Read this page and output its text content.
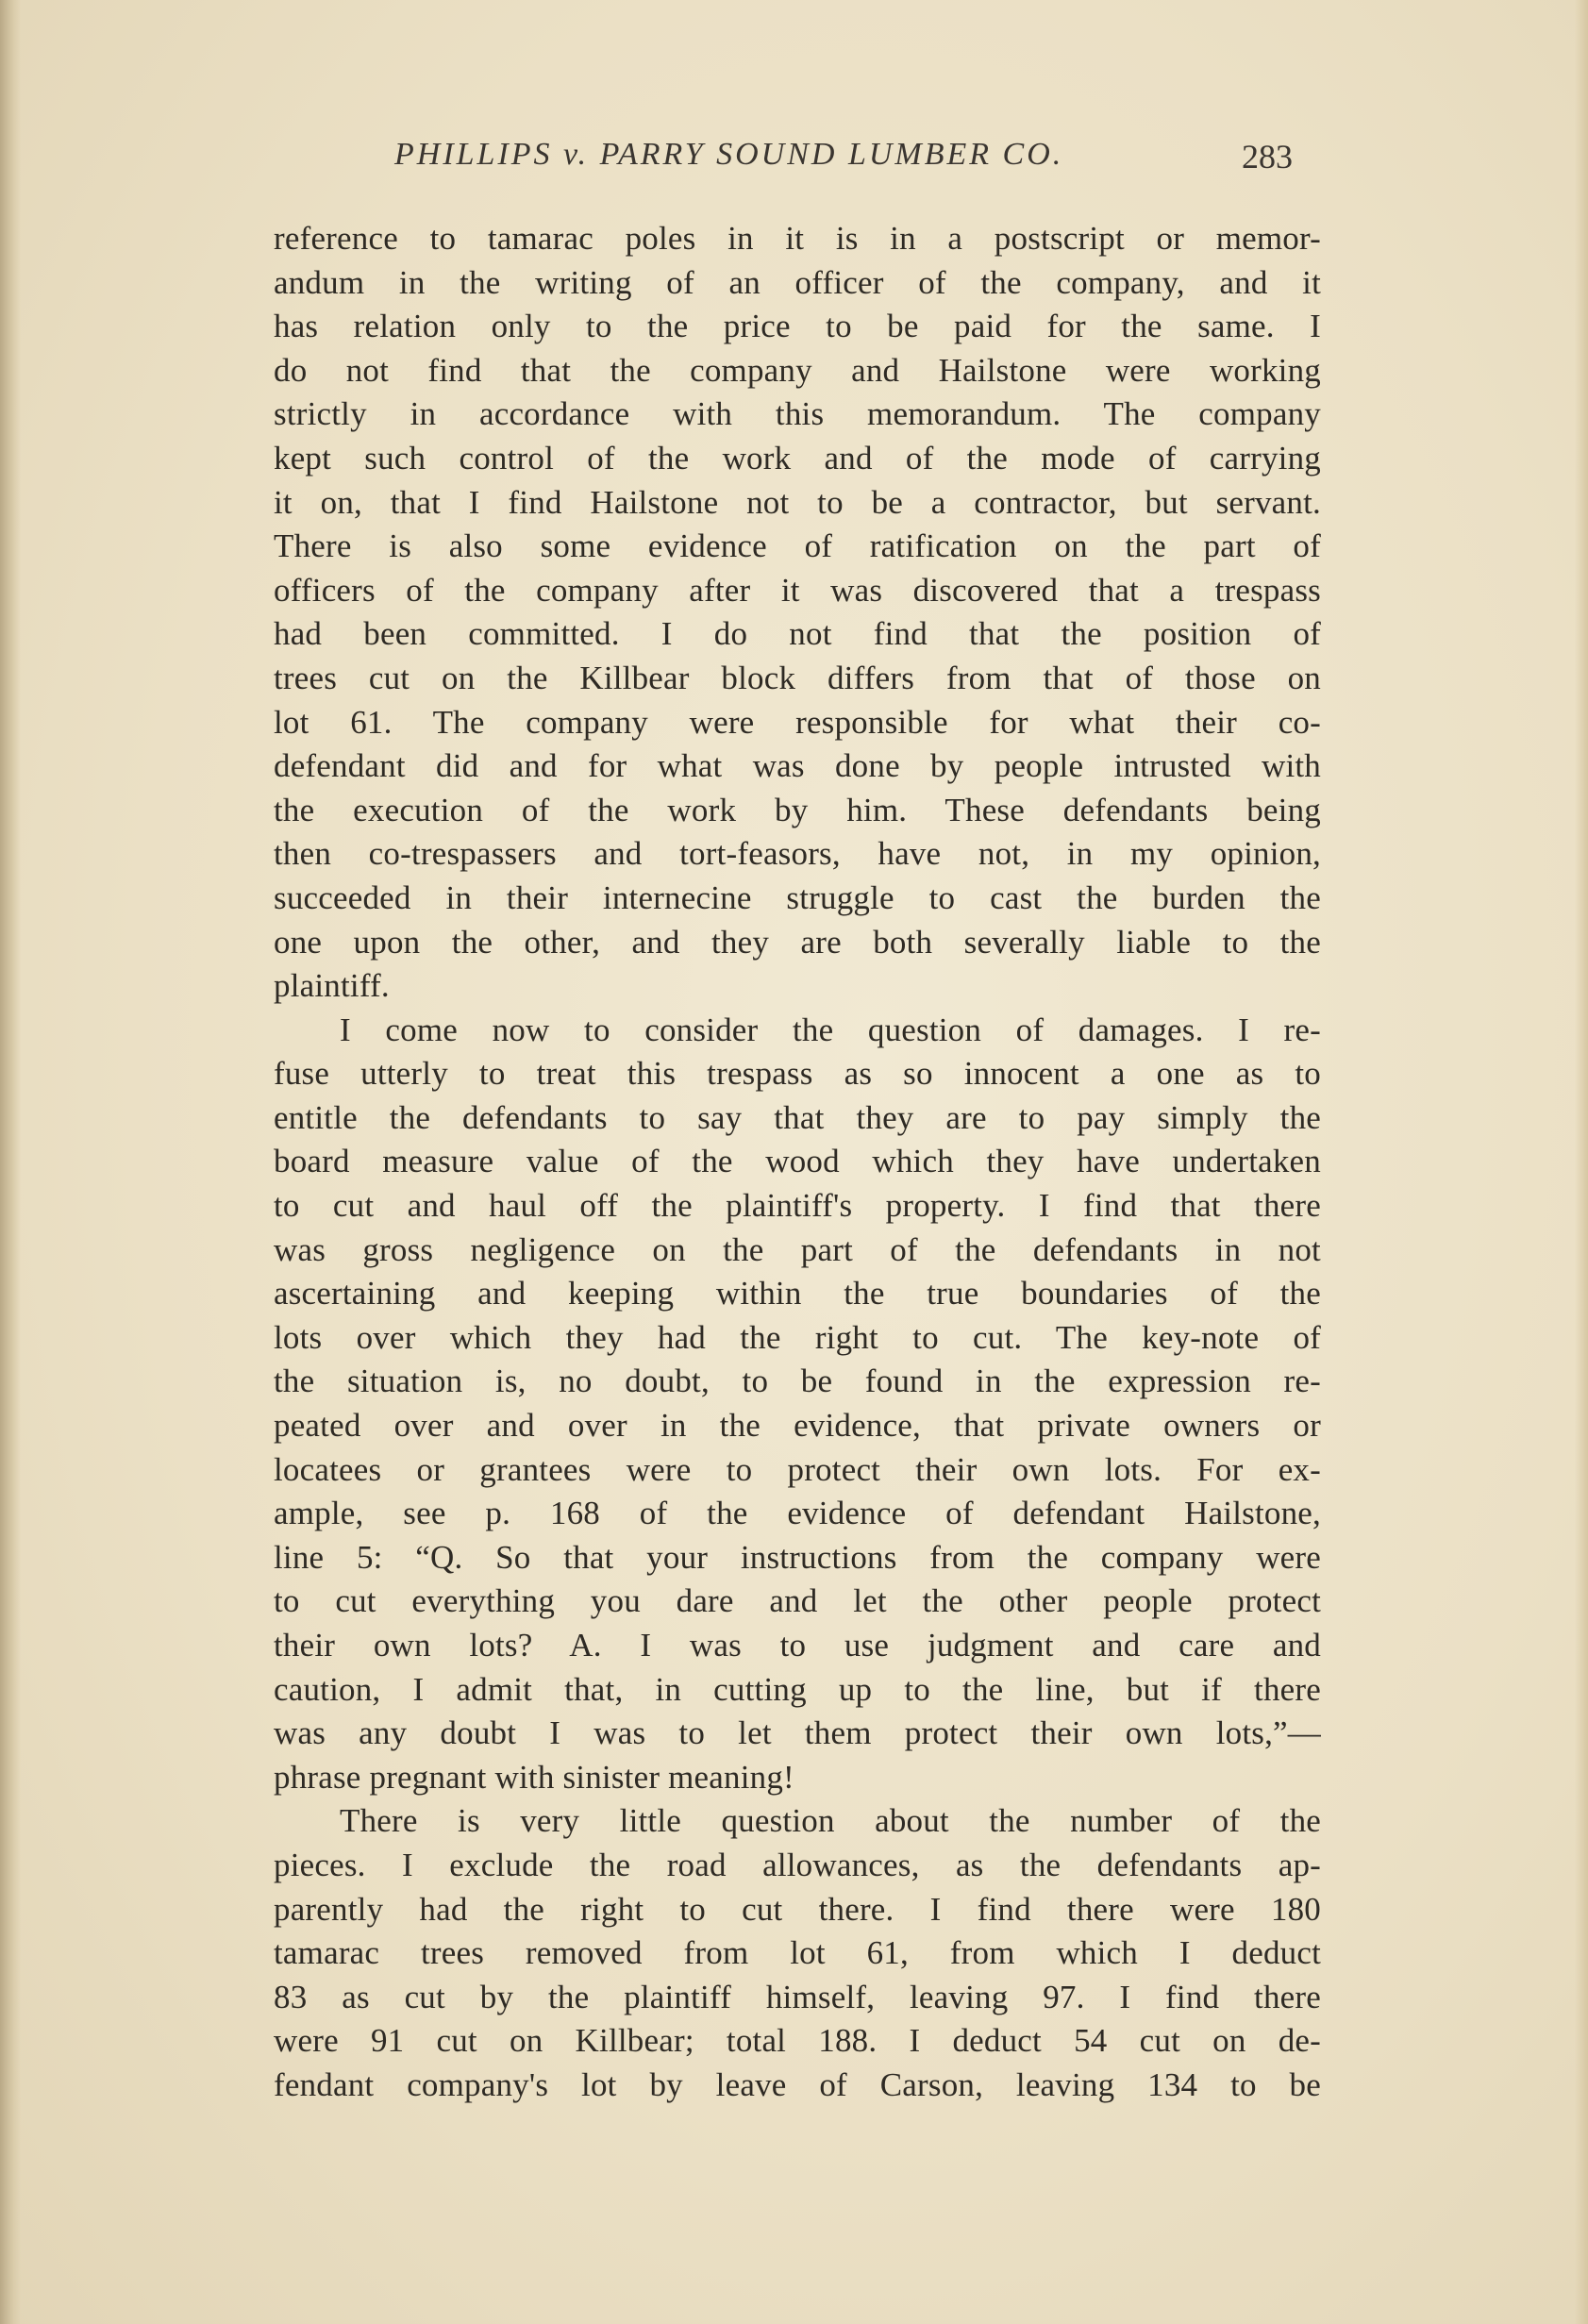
PHILLIPS v. PARRY SOUND LUMBER CO.	283
reference to tamarac poles in it is in a postscript or memor-
andum in the writing of an officer of the company, and it
has relation only to the price to be paid for the same. I
do not find that the company and Hailstone were working
strictly in accordance with this memorandum. The company
kept such control of the work and of the mode of carrying
it on, that I find Hailstone not to be a contractor, but servant.
There is also some evidence of ratification on the part of
officers of the company after it was discovered that a trespass
had been committed. I do not find that the position of
trees cut on the Killbear block differs from that of those on
lot 61. The company were responsible for what their co-
defendant did and for what was done by people intrusted with
the execution of the work by him. These defendants being
then co-trespassers and tort-feasors, have not, in my opinion,
succeeded in their internecine struggle to cast the burden the
one upon the other, and they are both severally liable to the
plaintiff.
I come now to consider the question of damages. I re-
fuse utterly to treat this trespass as so innocent a one as to
entitle the defendants to say that they are to pay simply the
board measure value of the wood which they have undertaken
to cut and haul off the plaintiff's property. I find that there
was gross negligence on the part of the defendants in not
ascertaining and keeping within the true boundaries of the
lots over which they had the right to cut. The key-note of
the situation is, no doubt, to be found in the expression re-
peated over and over in the evidence, that private owners or
locatees or grantees were to protect their own lots. For ex-
ample, see p. 168 of the evidence of defendant Hailstone,
line 5: “Q. So that your instructions from the company were
to cut everything you dare and let the other people protect
their own lots? A. I was to use judgment and care and
caution, I admit that, in cutting up to the line, but if there
was any doubt I was to let them protect their own lots,”—
phrase pregnant with sinister meaning!
There is very little question about the number of the
pieces. I exclude the road allowances, as the defendants ap-
parently had the right to cut there. I find there were 180
tamarac trees removed from lot 61, from which I deduct
83 as cut by the plaintiff himself, leaving 97. I find there
were 91 cut on Killbear; total 188. I deduct 54 cut on de-
fendant company's lot by leave of Carson, leaving 134 to be
